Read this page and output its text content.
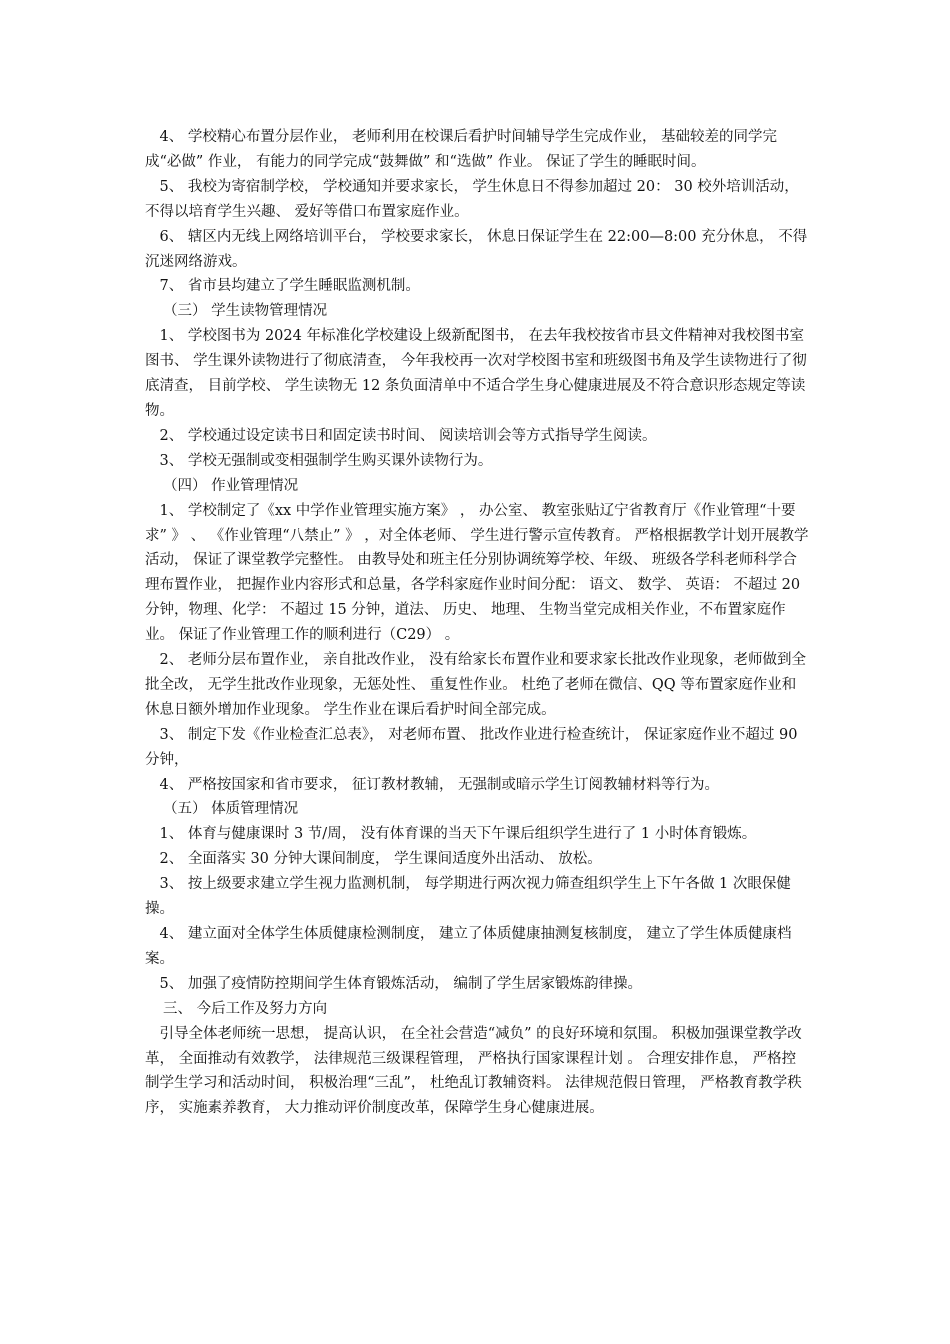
　4、 学校精心布置分层作业， 老师利用在校课后看护时间辅导学生完成作业， 基础较差的同学完成“必做” 作业， 有能力的同学完成“鼓舞做” 和“选做” 作业。 保证了学生的睡眠时间。

　5、 我校为寄宿制学校， 学校通知并要求家长， 学生休息日不得参加超过 20： 30 校外培训活动， 不得以培育学生兴趣、 爱好等借口布置家庭作业。

　6、 辖区内无线上网络培训平台， 学校要求家长， 休息日保证学生在 22:00—8:00 充分休息， 不得沉迷网络游戏。

　7、 省市县均建立了学生睡眠监测机制。

（三） 学生读物管理情况

　1、 学校图书为 2024 年标准化学校建设上级新配图书， 在去年我校按省市县文件精神对我校图书室图书、 学生课外读物进行了彻底清查， 今年我校再一次对学校图书室和班级图书角及学生读物进行了彻底清查， 目前学校、 学生读物无 12 条负面清单中不适合学生身心健康进展及不符合意识形态规定等读物。

　2、 学校通过设定读书日和固定读书时间、 阅读培训会等方式指导学生阅读。

　3、 学校无强制或变相强制学生购买课外读物行为。

（四） 作业管理情况

　1、 学校制定了《xx 中学作业管理实施方案》 ， 办公室、 教室张贴辽宁省教育厅《作业管理“十要求” 》 、 《作业管理“八禁止” 》 ，对全体老师、 学生进行警示宣传教育。 严格根据教学计划开展教学活动， 保证了课堂教学完整性。 由教导处和班主任分别协调统筹学校、年级、 班级各学科老师科学合理布置作业， 把握作业内容形式和总量，各学科家庭作业时间分配： 语文、 数学、 英语： 不超过 20 分钟，物理、化学： 不超过 15 分钟，道法、 历史、 地理、 生物当堂完成相关作业，不布置家庭作业。 保证了作业管理工作的顺利进行（C29） 。

　2、 老师分层布置作业， 亲自批改作业， 没有给家长布置作业和要求家长批改作业现象，老师做到全批全改， 无学生批改作业现象，无惩处性、 重复性作业。 杜绝了老师在微信、QQ 等布置家庭作业和休息日额外增加作业现象。 学生作业在课后看护时间全部完成。

　3、 制定下发《作业检查汇总表》， 对老师布置、 批改作业进行检查统计， 保证家庭作业不超过 90 分钟，

　4、 严格按国家和省市要求， 征订教材教辅， 无强制或暗示学生订阅教辅材料等行为。

（五） 体质管理情况

　1、 体育与健康课时 3 节/周， 没有体育课的当天下午课后组织学生进行了 1 小时体育锻炼。

　2、 全面落实 30 分钟大课间制度， 学生课间适度外出活动、 放松。

　3、 按上级要求建立学生视力监测机制， 每学期进行两次视力筛查组织学生上下午各做 1 次眼保健操。

　4、 建立面对全体学生体质健康检测制度， 建立了体质健康抽测复核制度， 建立了学生体质健康档案。

　5、 加强了疫情防控期间学生体育锻炼活动， 编制了学生居家锻炼韵律操。

三、 今后工作及努力方向

　引导全体老师统一思想， 提高认识， 在全社会营造“减负” 的良好环境和氛围。 积极加强课堂教学改革， 全面推动有效教学， 法律规范三级课程管理， 严格执行国家课程计划 。 合理安排作息， 严格控制学生学习和活动时间， 积极治理“三乱”， 杜绝乱订教辅资料。 法律规范假日管理， 严格教育教学秩序， 实施素养教育， 大力推动评价制度改革，保障学生身心健康进展。
